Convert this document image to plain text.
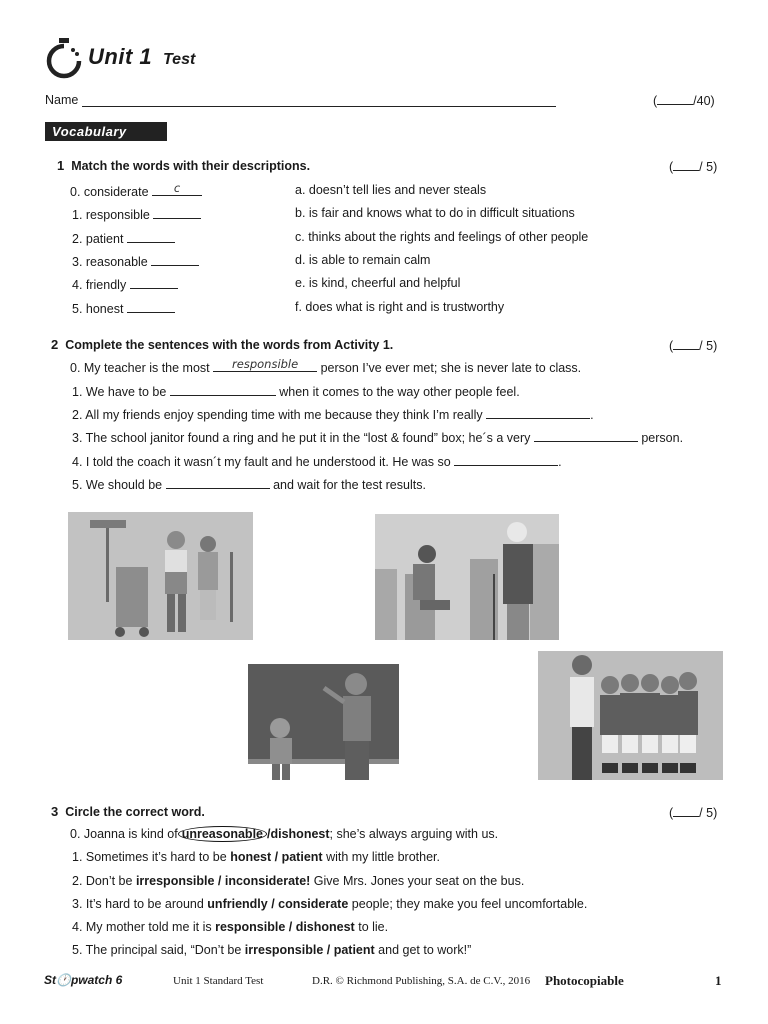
Unit 1 Test
Name	(	/40)
Vocabulary
1 Match the words with their descriptions.	( / 5)
0. considerate	c
1. responsible
2. patient
3. reasonable
4. friendly
5. honest
a. doesn’t tell lies and never steals
b. is fair and knows what to do in difficult situations
c. thinks about the rights and feelings of other people
d. is able to remain calm
e. is kind, cheerful and helpful
f. does what is right and is trustworthy
2 Complete the sentences with the words from Activity 1.	( / 5)
0. My teacher is the most	responsible	person I’ve ever met; she is never late to class.
1. We have to be	when it comes to the way other people feel.
2. All my friends enjoy spending time with me because they think I’m really	.
3. The school janitor found a ring and he put it in the “lost & found” box; he´s a very	person.
4. I told the coach it wasn´t my fault and he understood it. He was so	.
5. We should be	and wait for the test results.
3 Circle the correct word.	( / 5)
0. Joanna is kind of unreasonable /dishonest; she’s always arguing with us.
1. Sometimes it’s hard to be honest / patient with my little brother.
2. Don’t be irresponsible / inconsiderate! Give Mrs. Jones your seat on the bus.
3. It’s hard to be around unfriendly / considerate people; they make you feel uncomfortable.
4. My mother told me it is responsible / dishonest to lie.
5. The principal said, “Don’t be irresponsible / patient and get to work!”
St🕐pwatch 6	Unit 1 Standard Test	D.R. © Richmond Publishing, S.A. de C.V., 2016 Photocopiable	1
